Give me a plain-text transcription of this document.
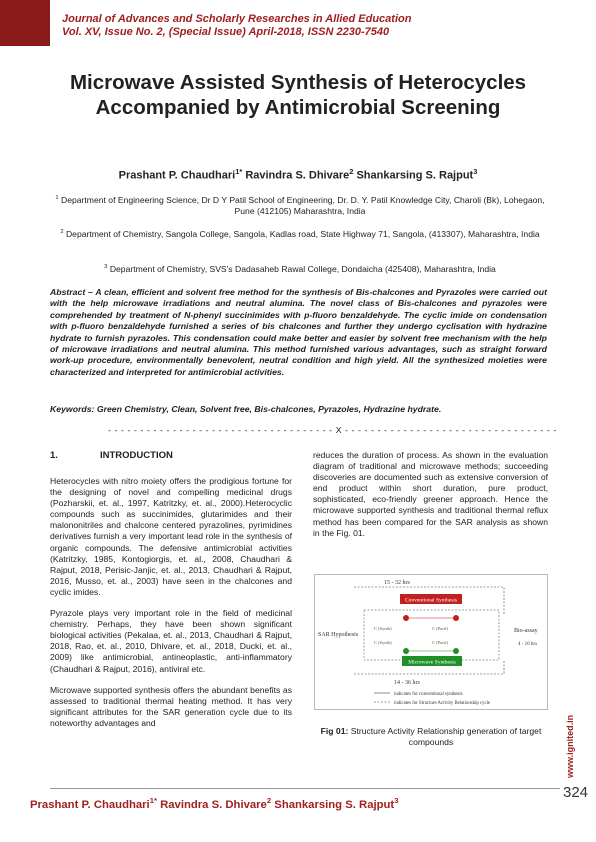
Journal of Advances and Scholarly Researches in Allied Education
Vol. XV, Issue No. 2, (Special Issue) April-2018, ISSN 2230-7540
Microwave Assisted Synthesis of Heterocycles
Accompanied by Antimicrobial Screening
Prashant P. Chaudhari$^{1*}$ Ravindra S. Dhivare$^2$ Shankarsing S. Rajput$^3$
$^1$ Department of Engineering Science, Dr D Y Patil School of Engineering, Dr. D. Y. Patil Knowledge City, Charoli (Bk), Lohegaon, Pune (412105) Maharashtra, India
$^2$ Department of Chemistry, Sangola College, Sangola, Kadlas road, State Highway 71, Sangola, (413307), Maharashtra, India
$^3$ Department of Chemistry, SVS's Dadasaheb Rawal College, Dondaicha (425408), Maharashtra, India
Abstract – A clean, efficient and solvent free method for the synthesis of Bis-chalcones and Pyrazoles were carried out with the help microwave irradiations and neutral alumina. The novel class of Bis-chalcones and pyrazoles were comprehended by treatment of N-phenyl succinimides with p-fluoro benzaldehyde. The cyclic imide on condensation with p-fluoro benzaldehyde furnished a series of bis chalcones and further they undergo cyclisation with hydrazine hydrate to furnish pyrazoles. This condensation could make better and easier by solvent free mechanism with the help of microwave irradiations and neutral alumina. This method furnished various advantages, such as straight forward work-up procedure, environmentally benevolent, neutral condition and high yield. All the synthesized moieties were characterized and interpreted for antimicrobial activities.
Keywords: Green Chemistry, Clean, Solvent free, Bis-chalcones, Pyrazoles, Hydrazine hydrate.
- - - - - - - - - - - - - - - - - - - - - - - - - - - - - - - - - - - X - - - - - - - - - - - - - - - - - - - - - - - - - - - - - - - - -
1.	INTRODUCTION

Heterocycles with nitro moiety offers the prodigious fortune for the designing of novel and compelling medicinal drugs (Pozharskii, et. al., 1997, Katritzky, et. al., 2000).Heterocyclic compounds such as succinimides, glutarimides and their malononitriles and chalcone centered pyrazolines, pyrimidines derivatives furnish a very important lead role in the synthesis of organic compounds. The defensive antimicrobial activities (Katritzky, 1985, Kontogiorgis, et. al., 2008, Chaudhari & Rajput, 2018, Perisic-Janjic, et. al., 2013, Chaudhari & Rajput, 2016, Musso, et. al., 2003) have seen in the chalcones and cyclic imides.

Pyrazole plays very important role in the field of medicinal chemistry. Perhaps, they have been shown significant biological activities (Pekalaa, et. al., 2013, Chaudhari & Rajput, 2018, Rao, et. al., 2010, Dhivare, et. al., 2018, Ducki, et. al., 2009) like antimicrobial, antineoplastic, anti-inflammatory (Chaudhari & Rajput, 2016), antiviral etc.

Microwave supported synthesis offers the abundant benefits as assessed to traditional thermal heating method. It has very significant attributes for the SAR generation cycle due to its noteworthy advantages and

reduces the duration of process. As shown in the evaluation diagram of traditional and microwave methods; succeeding discoveries are documented such as extensive conversion of end product within short duration, pure product, sophisticated, eco-friendly greener approach. Hence the microwave supported synthesis and traditional thermal reflux method has been compared for the SAR analysis as shown in the Fig. 01.

15 - 32 hrs
Conventional Synthesis
SAR Hypothesis
C (Synth)	C (Purif)
C (Synth)	C (Purif)
Bio-assay
4 - 10 hrs
Microwave Synthesis
14 - 36 hrs
indicates for conventional synthesis
indicates for Structure Activity Relationship cycle
Fig 01: Structure Activity Relationship generation of target compounds	www.ignited.in
Prashant P. Chaudhari$^{1*}$ Ravindra S. Dhivare$^2$ Shankarsing S. Rajput$^3$	324
